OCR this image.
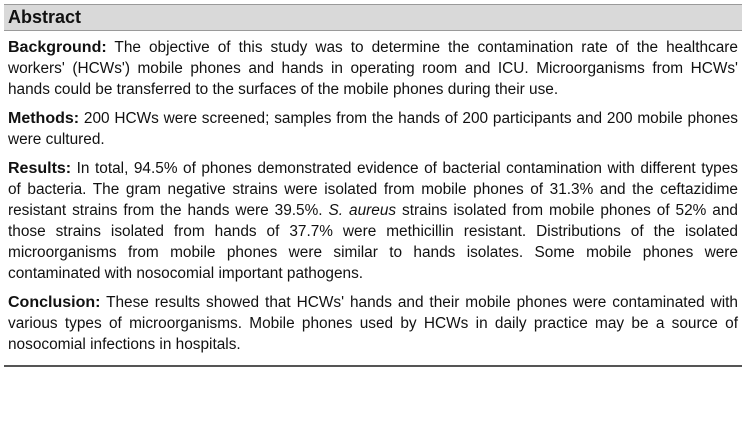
Abstract

Background: The objective of this study was to determine the contamination rate of the healthcare workers' (HCWs') mobile phones and hands in operating room and ICU. Microorganisms from HCWs' hands could be transferred to the surfaces of the mobile phones during their use.

Methods: 200 HCWs were screened; samples from the hands of 200 participants and 200 mobile phones were cultured.

Results: In total, 94.5% of phones demonstrated evidence of bacterial contamination with different types of bacteria. The gram negative strains were isolated from mobile phones of 31.3% and the ceftazidime resistant strains from the hands were 39.5%. S. aureus strains isolated from mobile phones of 52% and those strains isolated from hands of 37.7% were methicillin resistant. Distributions of the isolated microorganisms from mobile phones were similar to hands isolates. Some mobile phones were contaminated with nosocomial important pathogens.

Conclusion: These results showed that HCWs' hands and their mobile phones were contaminated with various types of microorganisms. Mobile phones used by HCWs in daily practice may be a source of nosocomial infections in hospitals.
